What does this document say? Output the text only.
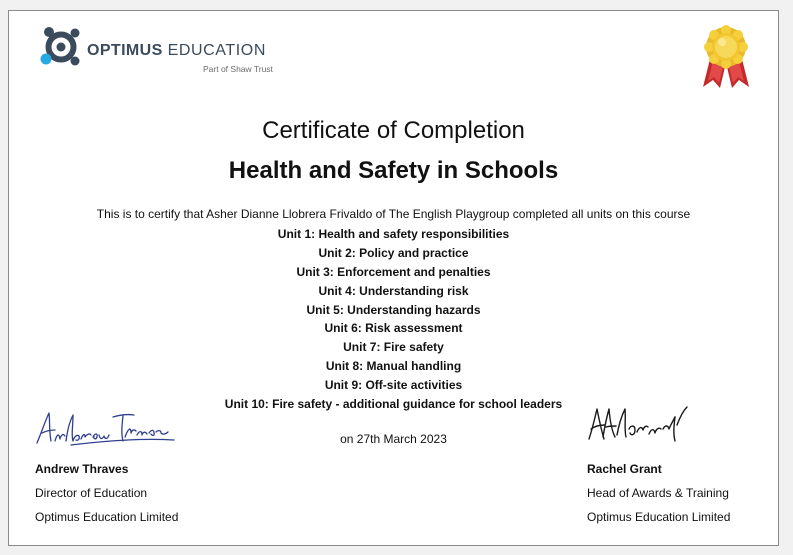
OPTIMUS EDUCATION
Part of Shaw Trust
Certificate of Completion
Health and Safety in Schools

This is to certify that Asher Dianne Llobrera Frivaldo of The English Playgroup completed all units on this course

Unit 1: Health and safety responsibilities
Unit 2: Policy and practice
Unit 3: Enforcement and penalties
Unit 4: Understanding risk
Unit 5: Understanding hazards
Unit 6: Risk assessment
Unit 7: Fire safety
Unit 8: Manual handling
Unit 9: Off-site activities
Unit 10: Fire safety - additional guidance for school leaders
on 27th March 2023
Andrew Thraves
Director of Education
Optimus Education Limited
Rachel Grant
Head of Awards & Training
Optimus Education Limited
